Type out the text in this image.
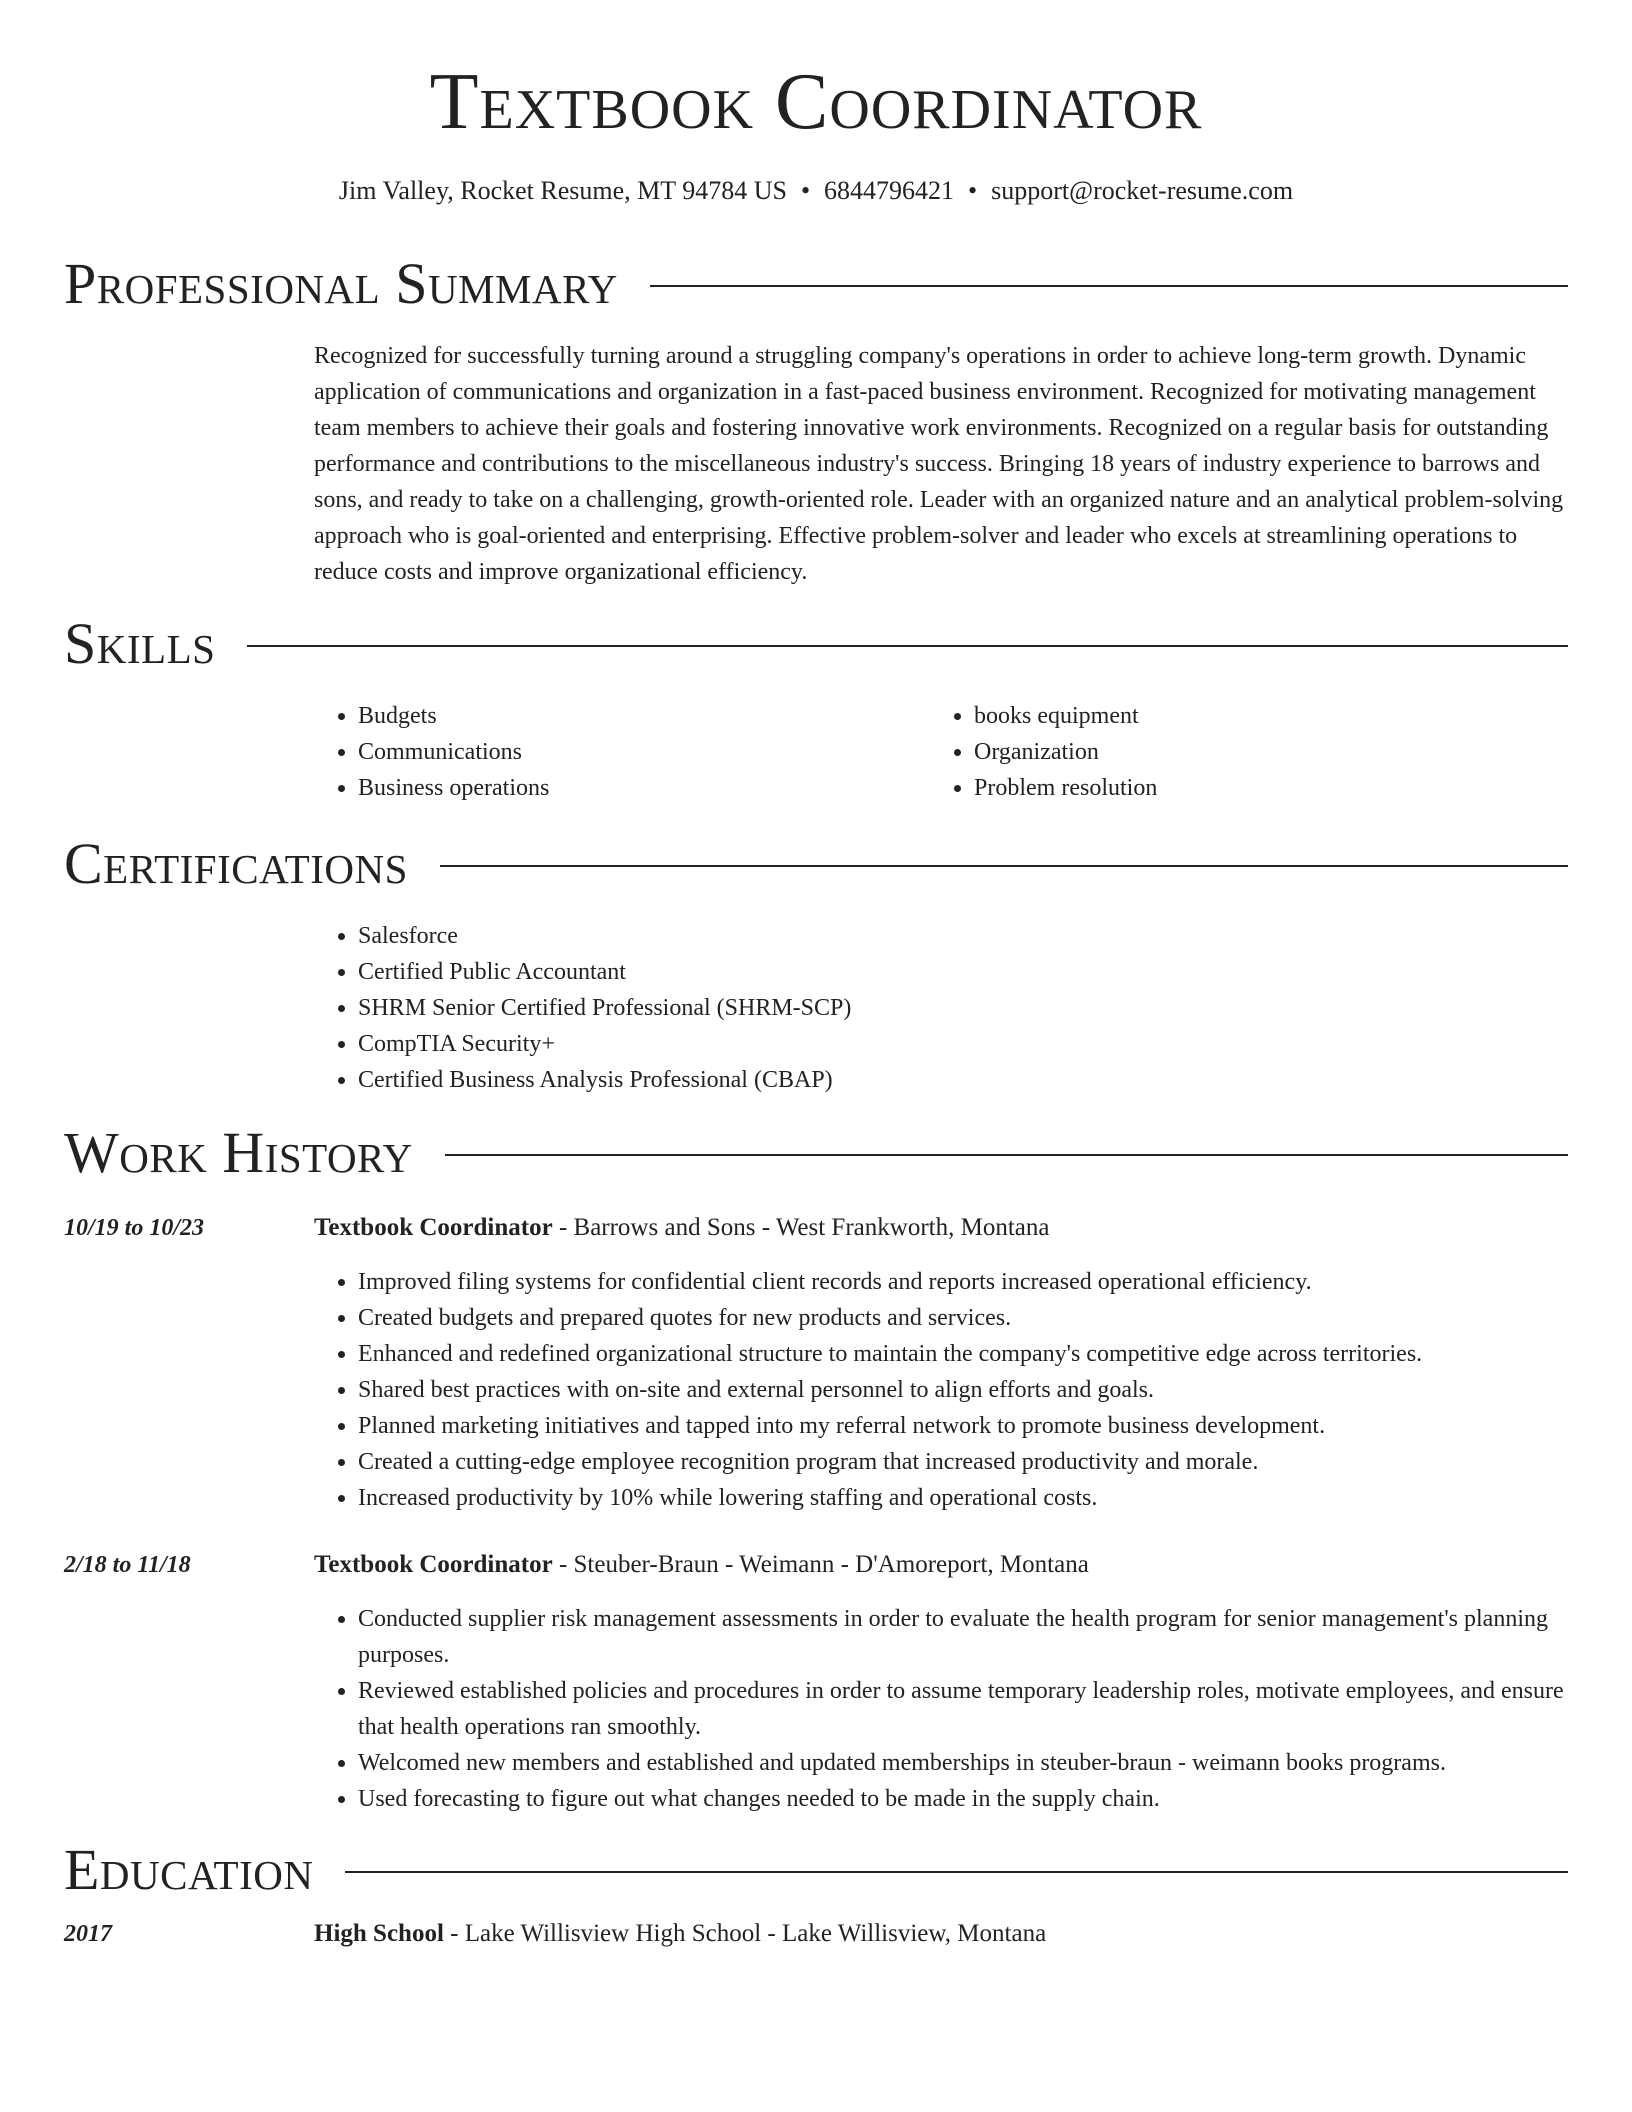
Textbook Coordinator
Jim Valley, Rocket Resume, MT 94784 US • 6844796421 • support@rocket-resume.com
Professional Summary

Recognized for successfully turning around a struggling company's operations in order to achieve long-term growth. Dynamic application of communications and organization in a fast-paced business environment. Recognized for motivating management team members to achieve their goals and fostering innovative work environments. Recognized on a regular basis for outstanding performance and contributions to the miscellaneous industry's success. Bringing 18 years of industry experience to barrows and sons, and ready to take on a challenging, growth-oriented role. Leader with an organized nature and an analytical problem-solving approach who is goal-oriented and enterprising. Effective problem-solver and leader who excels at streamlining operations to reduce costs and improve organizational efficiency.

Skills
• Budgets
• Communications
• Business operations
• books equipment
• Organization
• Problem resolution
Certifications
• Salesforce
• Certified Public Accountant
• SHRM Senior Certified Professional (SHRM-SCP)
• CompTIA Security+
• Certified Business Analysis Professional (CBAP)
Work History
10/19 to 10/23	Textbook Coordinator - Barrows and Sons - West Frankworth, Montana
• Improved filing systems for confidential client records and reports increased operational efficiency.
• Created budgets and prepared quotes for new products and services.
• Enhanced and redefined organizational structure to maintain the company's competitive edge across territories.
• Shared best practices with on-site and external personnel to align efforts and goals.
• Planned marketing initiatives and tapped into my referral network to promote business development.
• Created a cutting-edge employee recognition program that increased productivity and morale.
• Increased productivity by 10% while lowering staffing and operational costs.
2/18 to 11/18	Textbook Coordinator - Steuber-Braun - Weimann - D'Amoreport, Montana
• Conducted supplier risk management assessments in order to evaluate the health program for senior management's planning purposes.
• Reviewed established policies and procedures in order to assume temporary leadership roles, motivate employees, and ensure that health operations ran smoothly.
• Welcomed new members and established and updated memberships in steuber-braun - weimann books programs.
• Used forecasting to figure out what changes needed to be made in the supply chain.
Education
2017	High School - Lake Willisview High School - Lake Willisview, Montana
